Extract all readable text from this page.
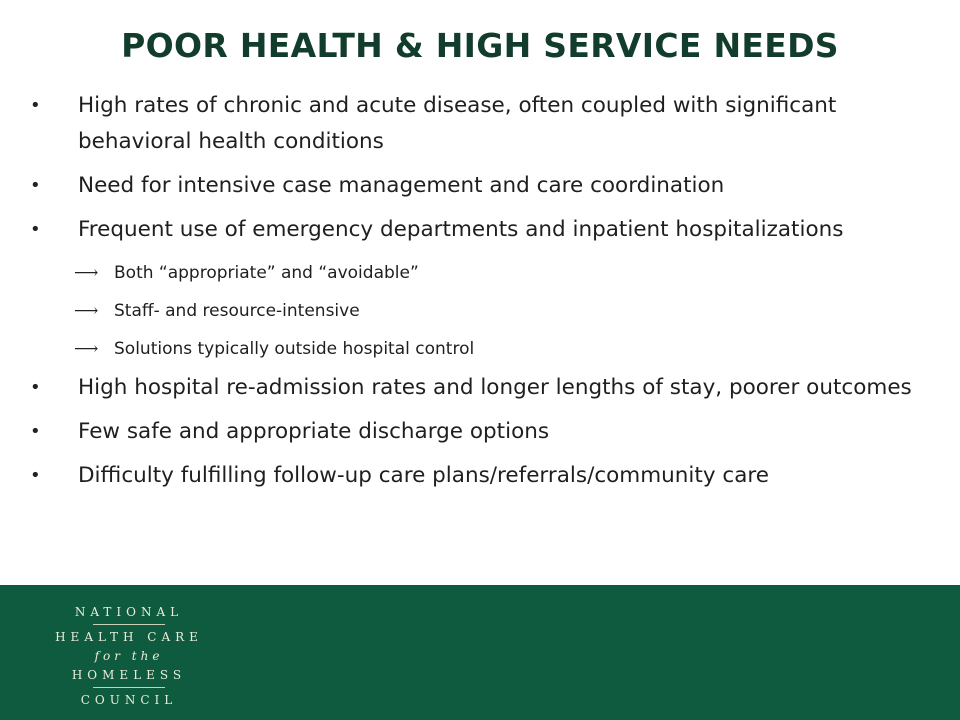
POOR HEALTH & HIGH SERVICE NEEDS
• High rates of chronic and acute disease, often coupled with significant behavioral health conditions
• Need for intensive case management and care coordination
• Frequent use of emergency departments and inpatient hospitalizations
⟶ Both “appropriate” and “avoidable”
⟶ Staff- and resource-intensive
⟶ Solutions typically outside hospital control
• High hospital re-admission rates and longer lengths of stay, poorer outcomes
• Few safe and appropriate discharge options
• Difficulty fulfilling follow-up care plans/referrals/community care
NATIONAL
HEALTH CARE
for the
HOMELESS
COUNCIL
